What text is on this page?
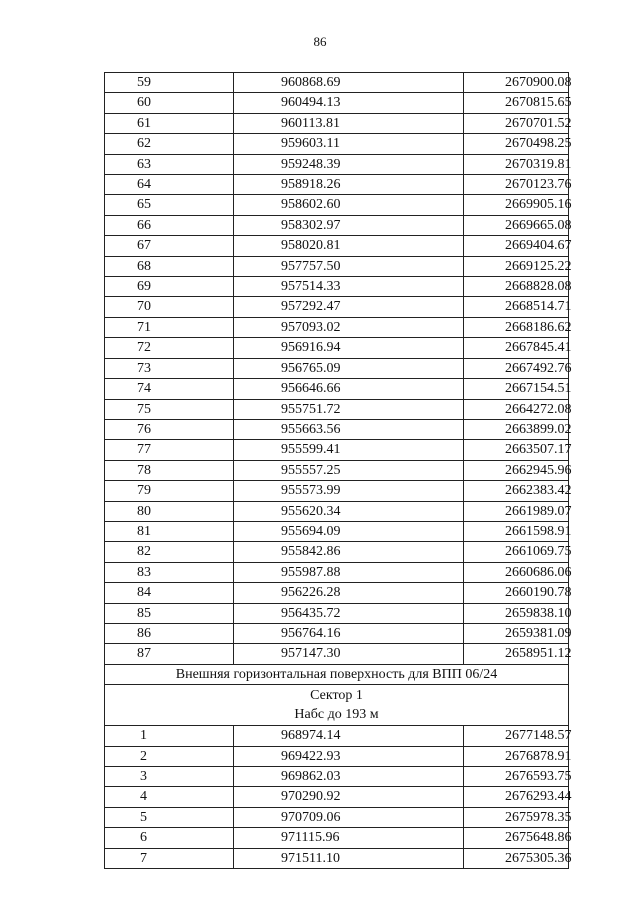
86
59	960868.69	2670900.08
60	960494.13	2670815.65
61	960113.81	2670701.52
62	959603.11	2670498.25
63	959248.39	2670319.81
64	958918.26	2670123.76
65	958602.60	2669905.16
66	958302.97	2669665.08
67	958020.81	2669404.67
68	957757.50	2669125.22
69	957514.33	2668828.08
70	957292.47	2668514.71
71	957093.02	2668186.62
72	956916.94	2667845.41
73	956765.09	2667492.76
74	956646.66	2667154.51
75	955751.72	2664272.08
76	955663.56	2663899.02
77	955599.41	2663507.17
78	955557.25	2662945.96
79	955573.99	2662383.42
80	955620.34	2661989.07
81	955694.09	2661598.91
82	955842.86	2661069.75
83	955987.88	2660686.06
84	956226.28	2660190.78
85	956435.72	2659838.10
86	956764.16	2659381.09
87	957147.30	2658951.12
Внешняя горизонтальная поверхность для ВПП 06/24		

Сектор 1
Набс до 193 м		

1	968974.14	2677148.57
2	969422.93	2676878.91
3	969862.03	2676593.75
4	970290.92	2676293.44
5	970709.06	2675978.35
6	971115.96	2675648.86
7	971511.10	2675305.36
